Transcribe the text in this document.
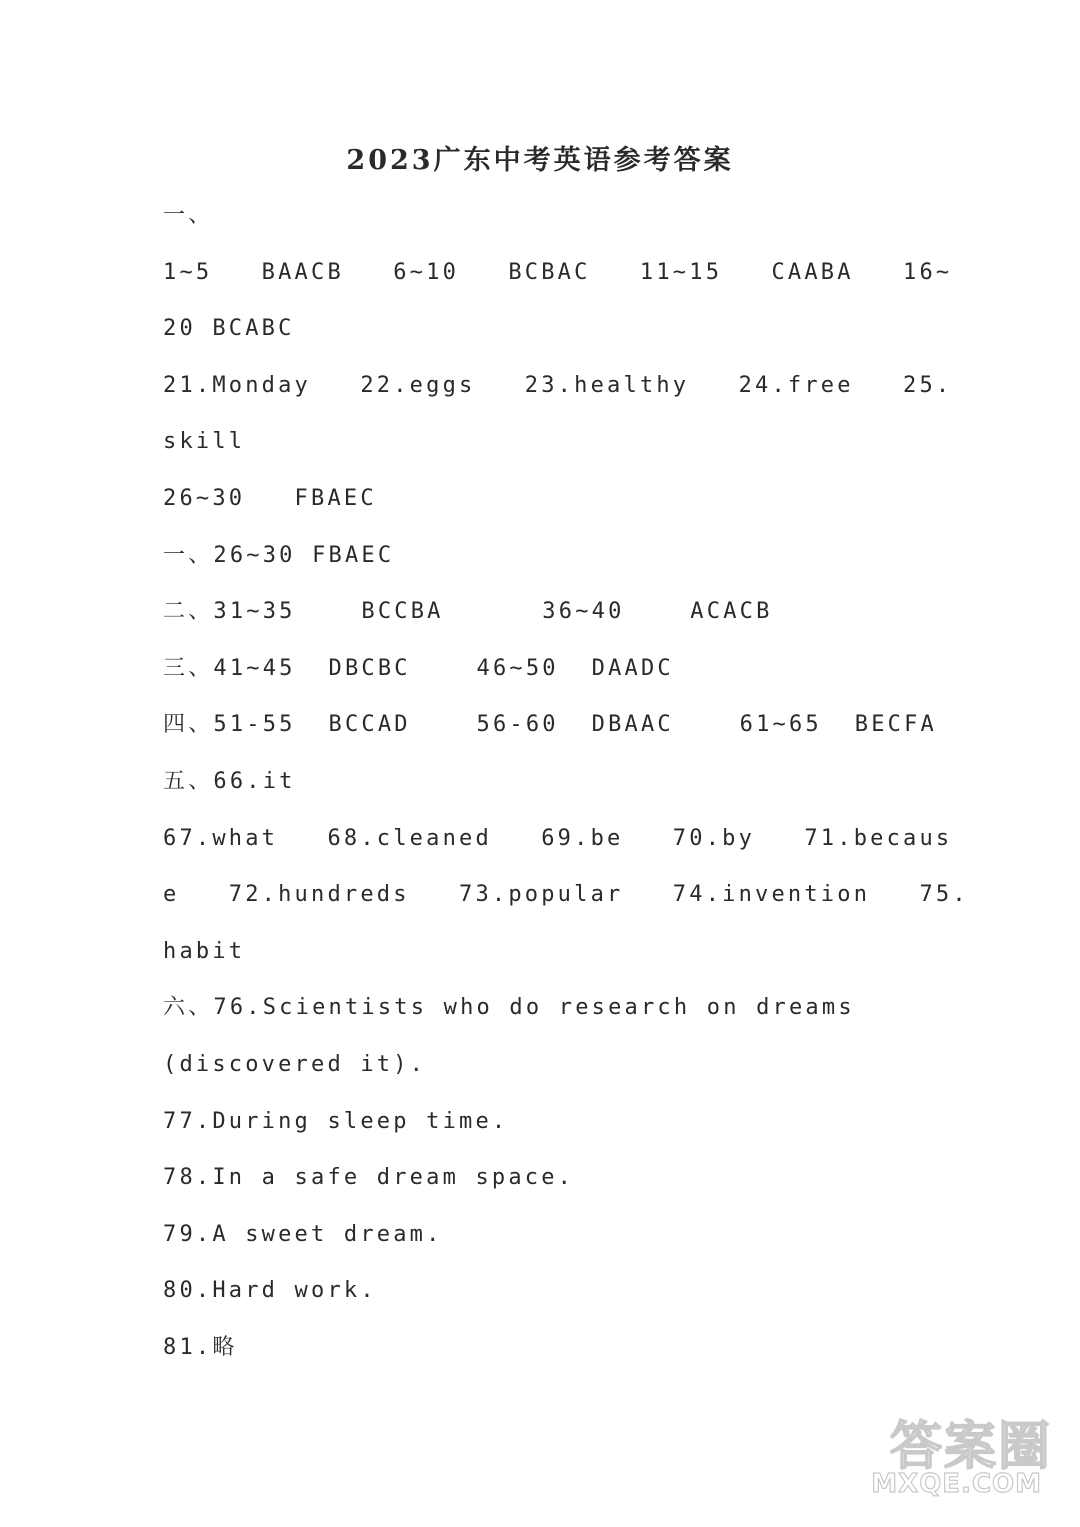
2023广东中考英语参考答案
一、
1~5   BAACB   6~10   BCBAC   11~15   CAABA   16~
20 BCABC
21.Monday   22.eggs   23.healthy   24.free   25.
skill
26~30   FBAEC
一、26~30 FBAEC
二、31~35    BCCBA      36~40    ACACB
三、41~45  DBCBC    46~50  DAADC
四、51-55  BCCAD    56-60  DBAAC    61~65  BECFA
五、66.it
67.what   68.cleaned   69.be   70.by   71.becaus
e   72.hundreds   73.popular   74.invention   75.
habit
六、76.Scientists who do research on dreams
(discovered it).
77.During sleep time.
78.In a safe dream space.
79.A sweet dream.
80.Hard work.
81.略
答案圈
MXQE.COM
